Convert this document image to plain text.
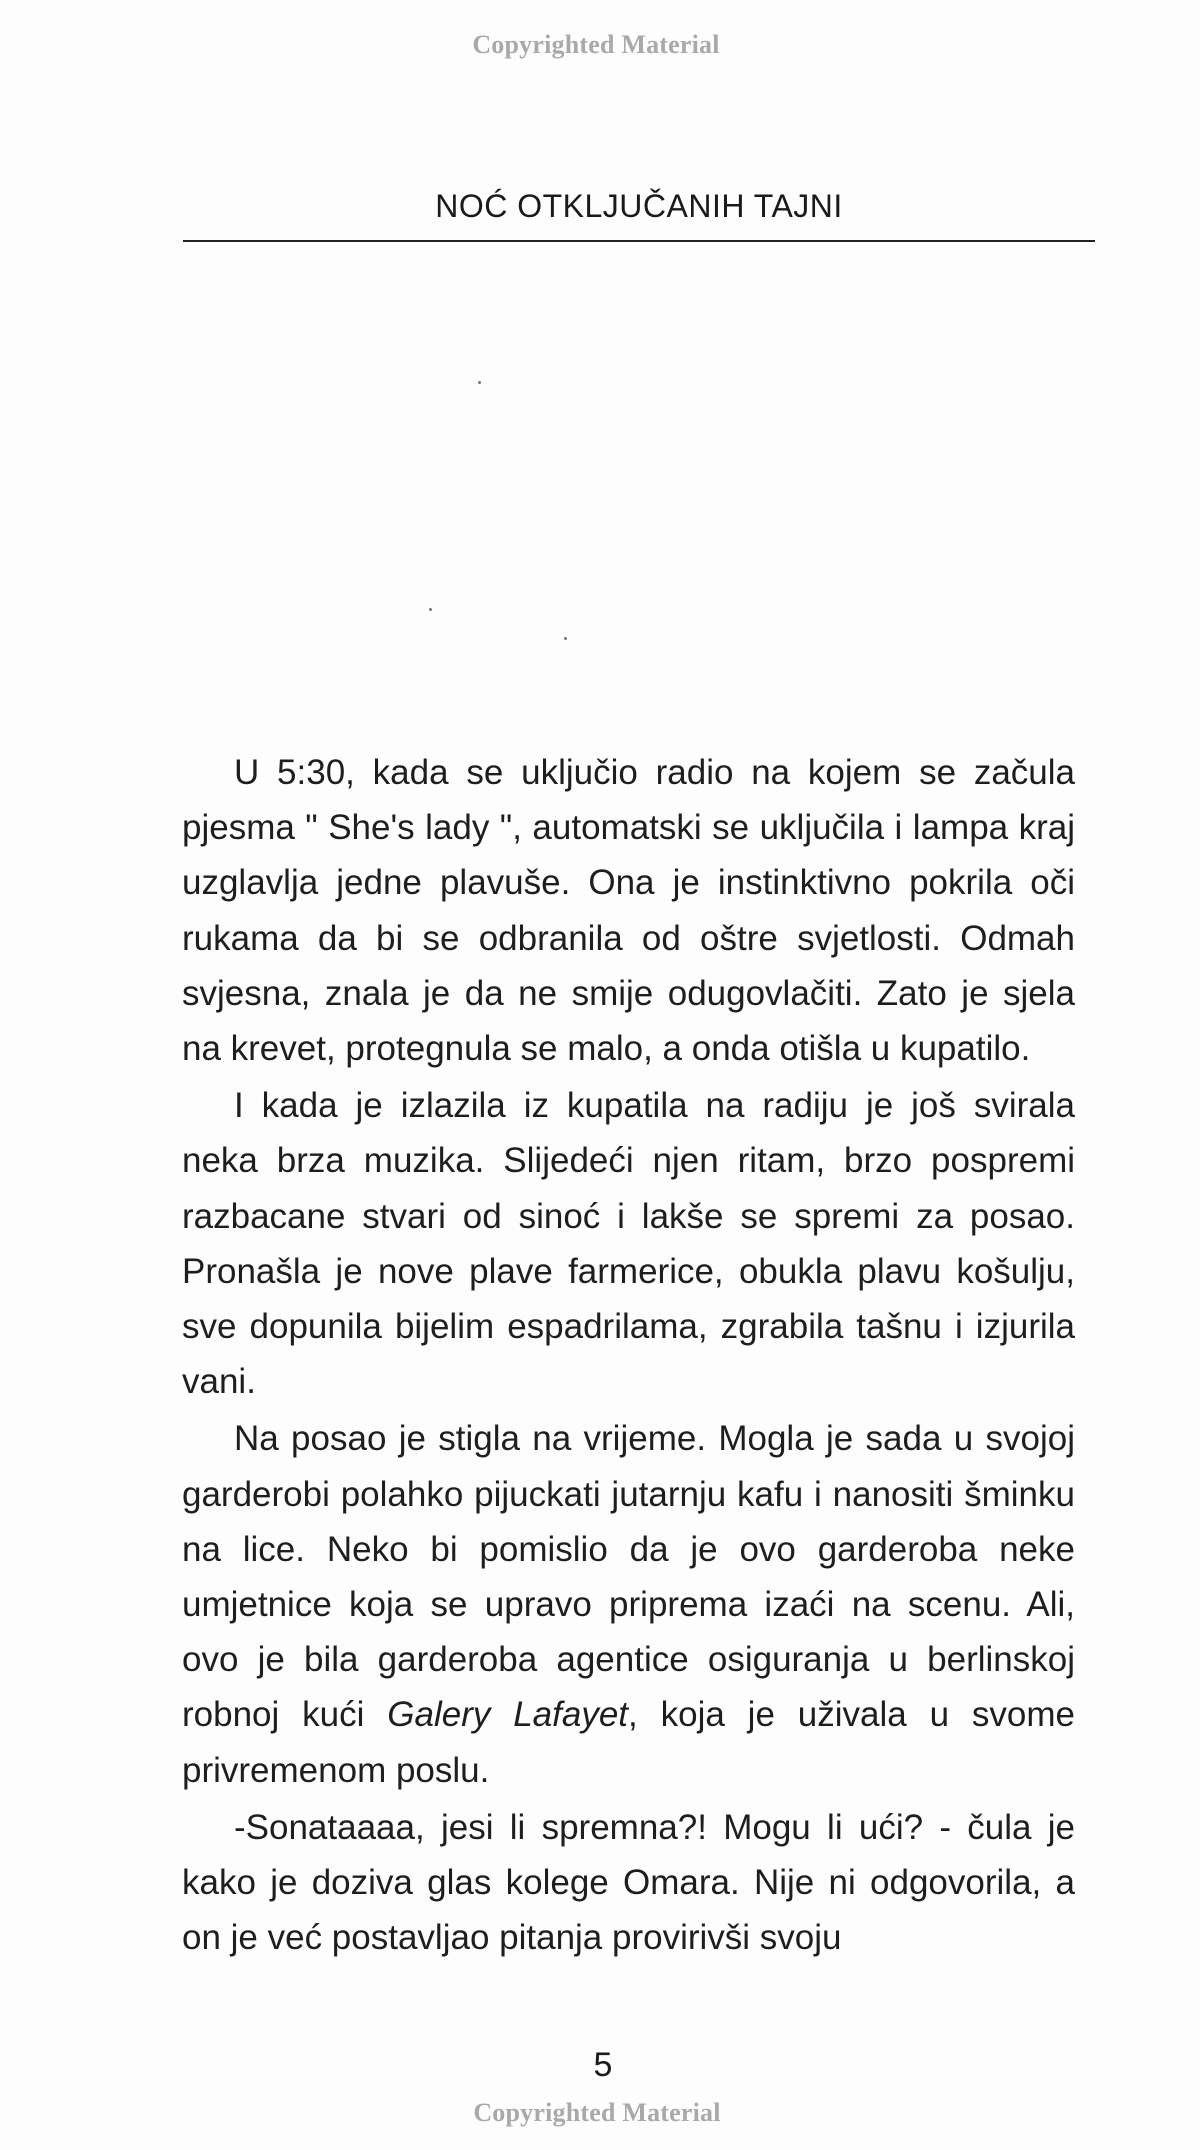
Copyrighted Material
NOĆ OTKLJUČANIH TAJNI

U 5:30, kada se uključio radio na kojem se začula pjesma " She's lady ", automatski se uključila i lampa kraj uzglavlja jedne plavuše. Ona je instinktivno pokrila oči rukama da bi se odbranila od oštre svjetlosti. Odmah svjesna, znala je da ne smije odugovlačiti. Zato je sjela na krevet, protegnula se malo, a onda otišla u kupatilo.

I kada je izlazila iz kupatila na radiju je još svirala neka brza muzika. Slijedeći njen ritam, brzo pospremi razbacane stvari od sinoć i lakše se spremi za posao. Pronašla je nove plave farmerice, obukla plavu košulju, sve dopunila bijelim espadrilama, zgrabila tašnu i izjurila vani.

Na posao je stigla na vrijeme. Mogla je sada u svojoj garderobi polahko pijuckati jutarnju kafu i nanositi šminku na lice. Neko bi pomislio da je ovo garderoba neke umjetnice koja se upravo priprema izaći na scenu. Ali, ovo je bila garderoba agentice osiguranja u berlinskoj robnoj kući Galery Lafayet, koja je uživala u svome privremenom poslu.

-Sonataaaa, jesi li spremna?! Mogu li ući? - čula je kako je doziva glas kolege Omara. Nije ni odgovorila, a on je već postavljao pitanja provirivši svoju

5
Copyrighted Material
